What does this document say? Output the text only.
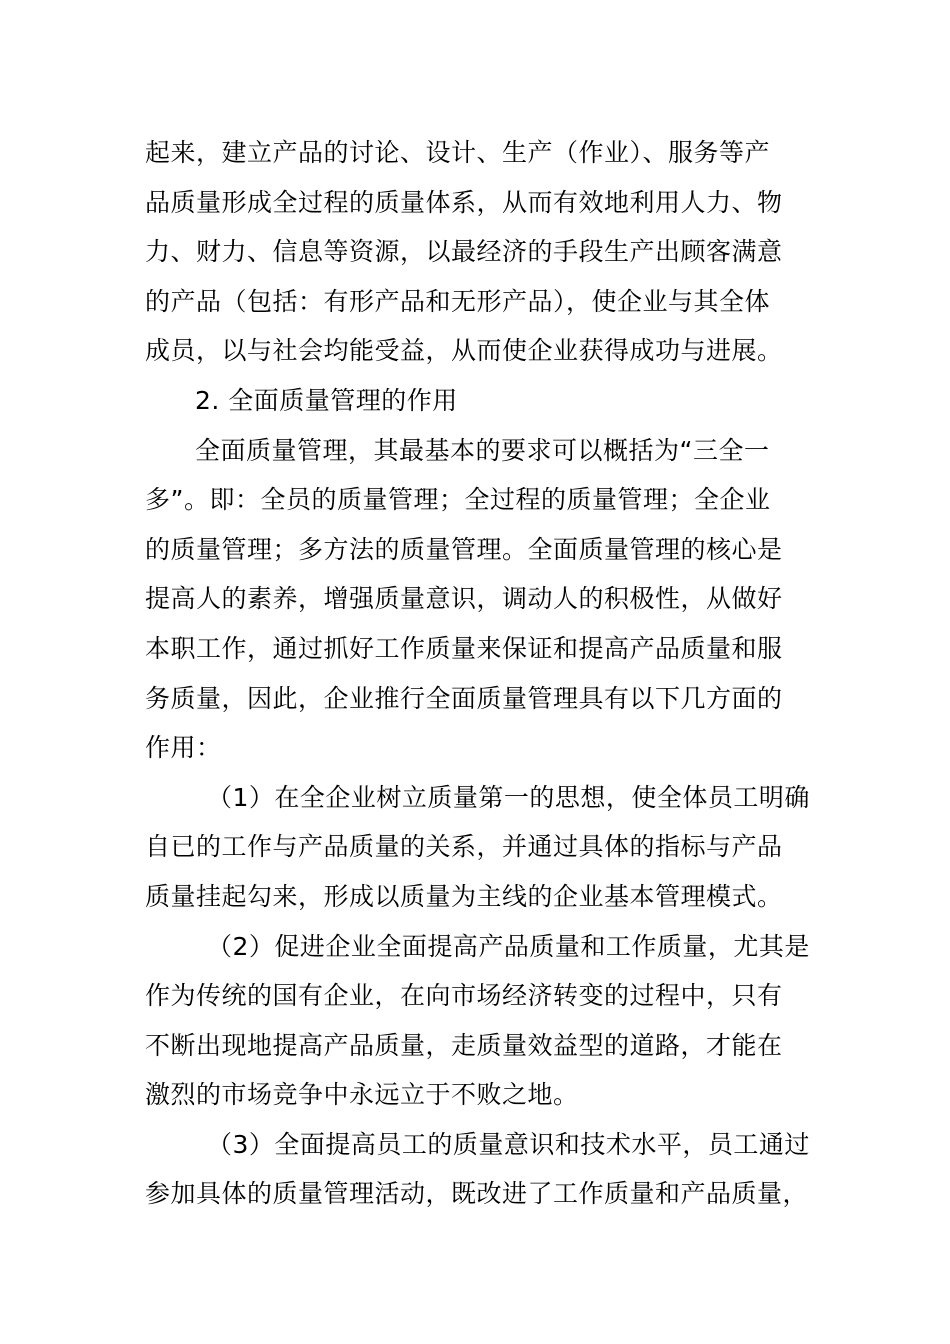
起来，建立产品的讨论、设计、生产（作业）、服务等产
品质量形成全过程的质量体系，从而有效地利用人力、物
力、财力、信息等资源，以最经济的手段生产出顾客满意
的产品（包括：有形产品和无形产品），使企业与其全体
成员，以与社会均能受益，从而使企业获得成功与进展。
2. 全面质量管理的作用
全面质量管理，其最基本的要求可以概括为“三全一
多”。即：全员的质量管理；全过程的质量管理；全企业
的质量管理；多方法的质量管理。全面质量管理的核心是
提高人的素养，增强质量意识，调动人的积极性，从做好
本职工作，通过抓好工作质量来保证和提高产品质量和服
务质量，因此，企业推行全面质量管理具有以下几方面的
作用：
（1）在全企业树立质量第一的思想，使全体员工明确
自已的工作与产品质量的关系，并通过具体的指标与产品
质量挂起勾来，形成以质量为主线的企业基本管理模式。
（2）促进企业全面提高产品质量和工作质量，尤其是
作为传统的国有企业，在向市场经济转变的过程中，只有
不断出现地提高产品质量，走质量效益型的道路，才能在
激烈的市场竞争中永远立于不败之地。
（3）全面提高员工的质量意识和技术水平，员工通过
参加具体的质量管理活动，既改进了工作质量和产品质量，
